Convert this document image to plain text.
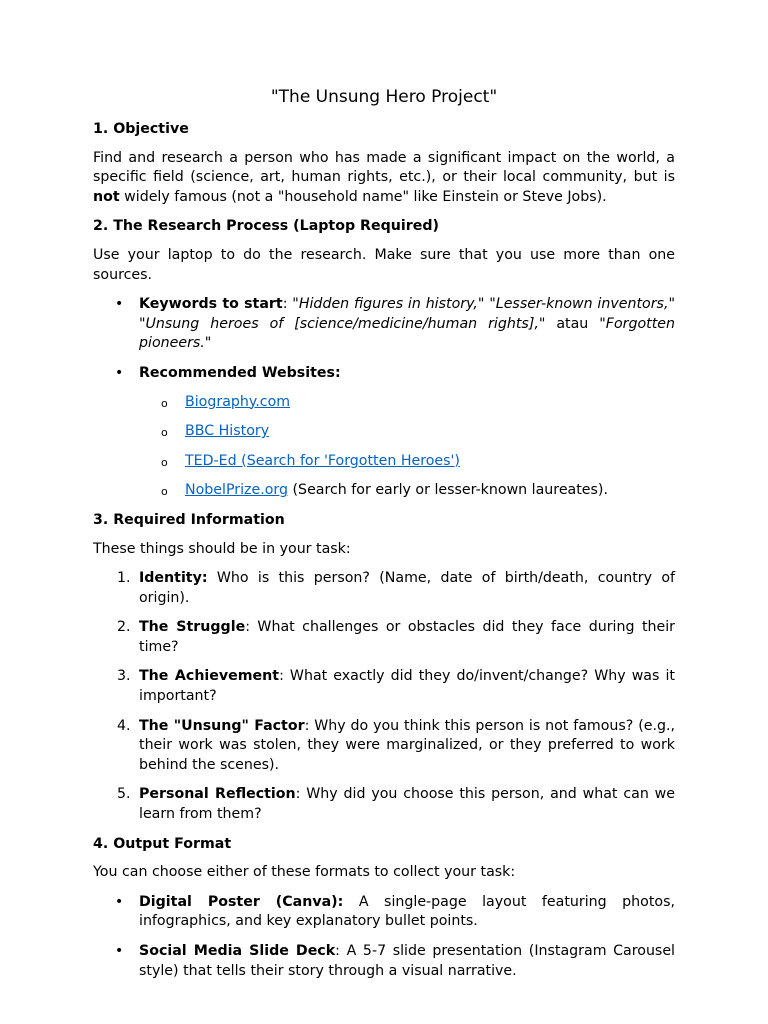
"The Unsung Hero Project"
1. Objective

Find and research a person who has made a significant impact on the world, a specific field (science, art, human rights, etc.), or their local community, but is not widely famous (not a "household name" like Einstein or Steve Jobs).

2. The Research Process (Laptop Required)

Use your laptop to do the research. Make sure that you use more than one sources.

• Keywords to start: "Hidden figures in history," "Lesser-known inventors," "Unsung heroes of [science/medicine/human rights]," atau "Forgotten pioneers."
• Recommended Websites:
o Biography.com
o BBC History
o TED-Ed (Search for 'Forgotten Heroes')
o NobelPrize.org (Search for early or lesser-known laureates).
3. Required Information

These things should be in your task:

1. Identity: Who is this person? (Name, date of birth/death, country of origin).
2. The Struggle: What challenges or obstacles did they face during their time?
3. The Achievement: What exactly did they do/invent/change? Why was it important?
4. The "Unsung" Factor: Why do you think this person is not famous? (e.g., their work was stolen, they were marginalized, or they preferred to work behind the scenes).
5. Personal Reflection: Why did you choose this person, and what can we learn from them?
4. Output Format

You can choose either of these formats to collect your task:

• Digital Poster (Canva): A single-page layout featuring photos, infographics, and key explanatory bullet points.
• Social Media Slide Deck: A 5-7 slide presentation (Instagram Carousel style) that tells their story through a visual narrative.
